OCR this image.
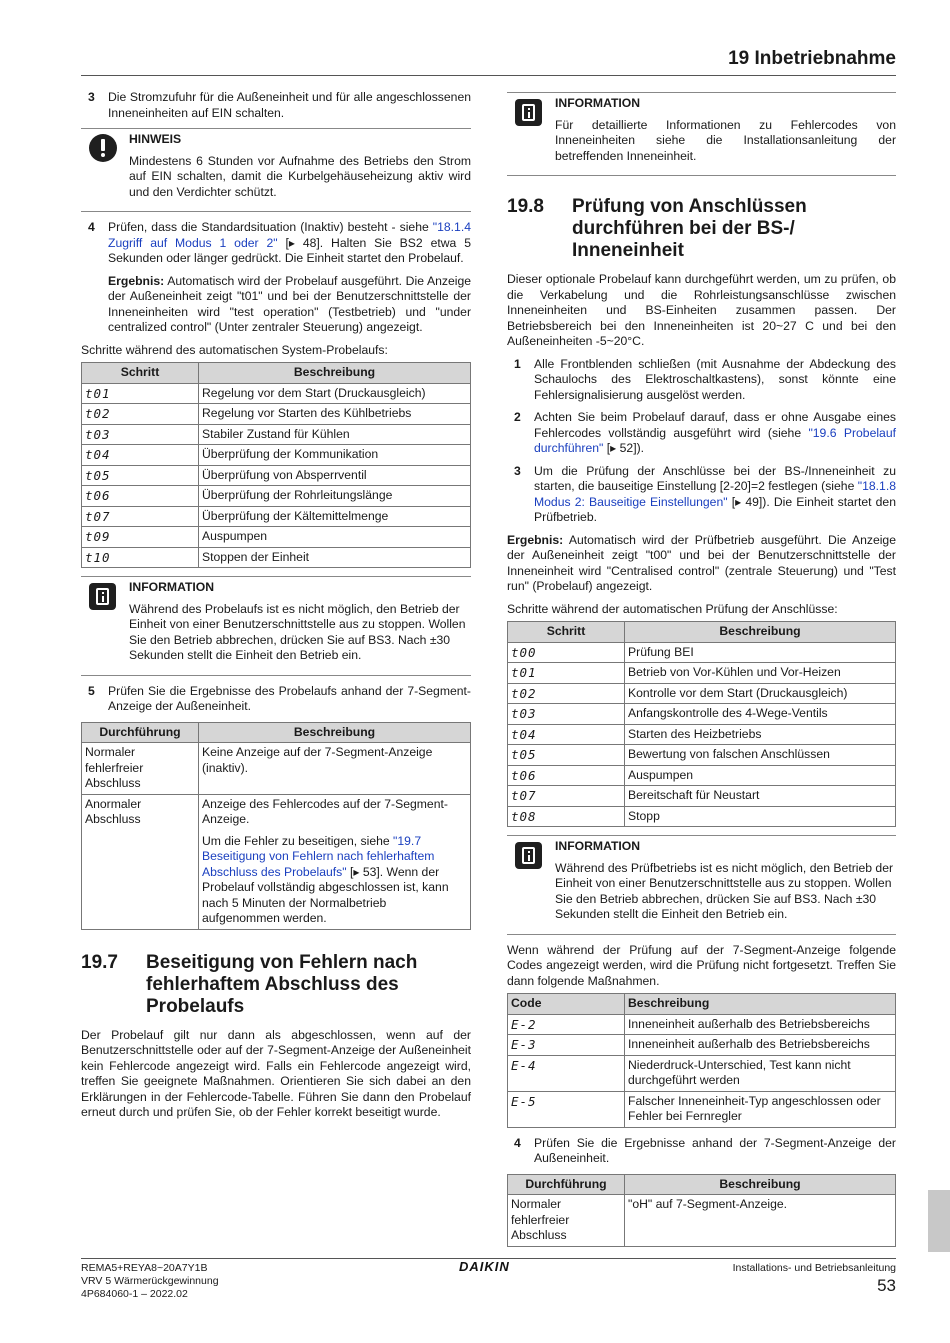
19 Inbetriebnahme
3	Die Stromzufuhr für die Außeneinheit und für alle angeschlossenen Inneneinheiten auf EIN schalten.
HINWEIS

Mindestens 6 Stunden vor Aufnahme des Betriebs den Strom auf EIN schalten, damit die Kurbelgehäuseheizung aktiv wird und den Verdichter schützt.

4	Prüfen, dass die Standardsituation (Inaktiv) besteht - siehe "18.1.4 Zugriff auf Modus 1 oder 2" [▸ 48]. Halten Sie BS2 etwa 5 Sekunden oder länger gedrückt. Die Einheit startet den Probelauf.

Ergebnis: Automatisch wird der Probelauf ausgeführt. Die Anzeige der Außeneinheit zeigt "t01" und bei der Benutzerschnittstelle der Inneneinheiten wird "test operation" (Testbetrieb) und "under centralized control" (Unter zentraler Steuerung) angezeigt.

Schritte während des automatischen System-Probelaufs:

Schritt	Beschreibung
t01	Regelung vor dem Start (Druckausgleich)
t02	Regelung vor Starten des Kühlbetriebs
t03	Stabiler Zustand für Kühlen
t04	Überprüfung der Kommunikation
t05	Überprüfung von Absperrventil
t06	Überprüfung der Rohrleitungslänge
t07	Überprüfung der Kältemittelmenge
t09	Auspumpen
t10	Stoppen der Einheit
INFORMATION

Während des Probelaufs ist es nicht möglich, den Betrieb der Einheit von einer Benutzerschnittstelle aus zu stoppen. Wollen Sie den Betrieb abbrechen, drücken Sie auf BS3. Nach ±30 Sekunden stellt die Einheit den Betrieb ein.

5	Prüfen Sie die Ergebnisse des Probelaufs anhand der 7-Segment-Anzeige der Außeneinheit.
Durchführung	Beschreibung
Normaler fehlerfreier Abschluss	Keine Anzeige auf der 7-Segment-Anzeige (inaktiv).
Anormaler Abschluss	Anzeige des Fehlercodes auf der 7-Segment-Anzeige.
Um die Fehler zu beseitigen, siehe "19.7 Beseitigung von Fehlern nach fehlerhaftem Abschluss des Probelaufs" [▸ 53]. Wenn der Probelauf vollständig abgeschlossen ist, kann nach 5 Minuten der Normalbetrieb aufgenommen werden.
19.7	Beseitigung von Fehlern nach fehlerhaftem Abschluss des Probelaufs

Der Probelauf gilt nur dann als abgeschlossen, wenn auf der Benutzerschnittstelle oder auf der 7-Segment-Anzeige der Außeneinheit kein Fehlercode angezeigt wird. Falls ein Fehlercode angezeigt wird, treffen Sie geeignete Maßnahmen. Orientieren Sie sich dabei an den Erklärungen in der Fehlercode-Tabelle. Führen Sie dann den Probelauf erneut durch und prüfen Sie, ob der Fehler korrekt beseitigt wurde.

INFORMATION

Für detaillierte Informationen zu Fehlercodes von Inneneinheiten siehe die Installationsanleitung der betreffenden Inneneinheit.

19.8	Prüfung von Anschlüssen durchführen bei der BS-/ Inneneinheit

Dieser optionale Probelauf kann durchgeführt werden, um zu prüfen, ob die Verkabelung und die Rohrleistungsanschlüsse zwischen Inneneinheiten und BS-Einheiten zusammen passen. Der Betriebsbereich bei den Inneneinheiten ist 20~27 C und bei den Außeneinheiten -5~20°C.

1	Alle Frontblenden schließen (mit Ausnahme der Abdeckung des Schaulochs des Elektroschaltkastens), sonst könnte eine Fehlersignalisierung ausgelöst werden.
2	Achten Sie beim Probelauf darauf, dass er ohne Ausgabe eines Fehlercodes vollständig ausgeführt wird (siehe "19.6 Probelauf durchführen" [▸ 52]).
3	Um die Prüfung der Anschlüsse bei der BS-/Inneneinheit zu starten, die bauseitige Einstellung [2-20]=2 festlegen (siehe "18.1.8 Modus 2: Bauseitige Einstellungen" [▸ 49]). Die Einheit startet den Prüfbetrieb.

Ergebnis: Automatisch wird der Prüfbetrieb ausgeführt. Die Anzeige der Außeneinheit zeigt "t00" und bei der Benutzerschnittstelle der Inneneinheit wird "Centralised control" (zentrale Steuerung) und "Test run" (Probelauf) angezeigt.

Schritte während der automatischen Prüfung der Anschlüsse:

Schritt	Beschreibung
t00	Prüfung BEI
t01	Betrieb von Vor-Kühlen und Vor-Heizen
t02	Kontrolle vor dem Start (Druckausgleich)
t03	Anfangskontrolle des 4-Wege-Ventils
t04	Starten des Heizbetriebs
t05	Bewertung von falschen Anschlüssen
t06	Auspumpen
t07	Bereitschaft für Neustart
t08	Stopp
INFORMATION

Während des Prüfbetriebs ist es nicht möglich, den Betrieb der Einheit von einer Benutzerschnittstelle aus zu stoppen. Wollen Sie den Betrieb abbrechen, drücken Sie auf BS3. Nach ±30 Sekunden stellt die Einheit den Betrieb ein.

Wenn während der Prüfung auf der 7-Segment-Anzeige folgende Codes angezeigt werden, wird die Prüfung nicht fortgesetzt. Treffen Sie dann folgende Maßnahmen.

Code	Beschreibung
E-2	Inneneinheit außerhalb des Betriebsbereichs
E-3	Inneneinheit außerhalb des Betriebsbereichs
E-4	Niederdruck-Unterschied, Test kann nicht durchgeführt werden
E-5	Falscher Inneneinheit-Typ angeschlossen oder Fehler bei Fernregler
4	Prüfen Sie die Ergebnisse anhand der 7-Segment-Anzeige der Außeneinheit.
Durchführung	Beschreibung
Normaler fehlerfreier Abschluss	"oH" auf 7-Segment-Anzeige.
REMA5+REYA8~20A7Y1B
VRV 5 Wärmerückgewinnung
4P684060-1 – 2022.02
DAIKIN	Installations- und Betriebsanleitung
53
